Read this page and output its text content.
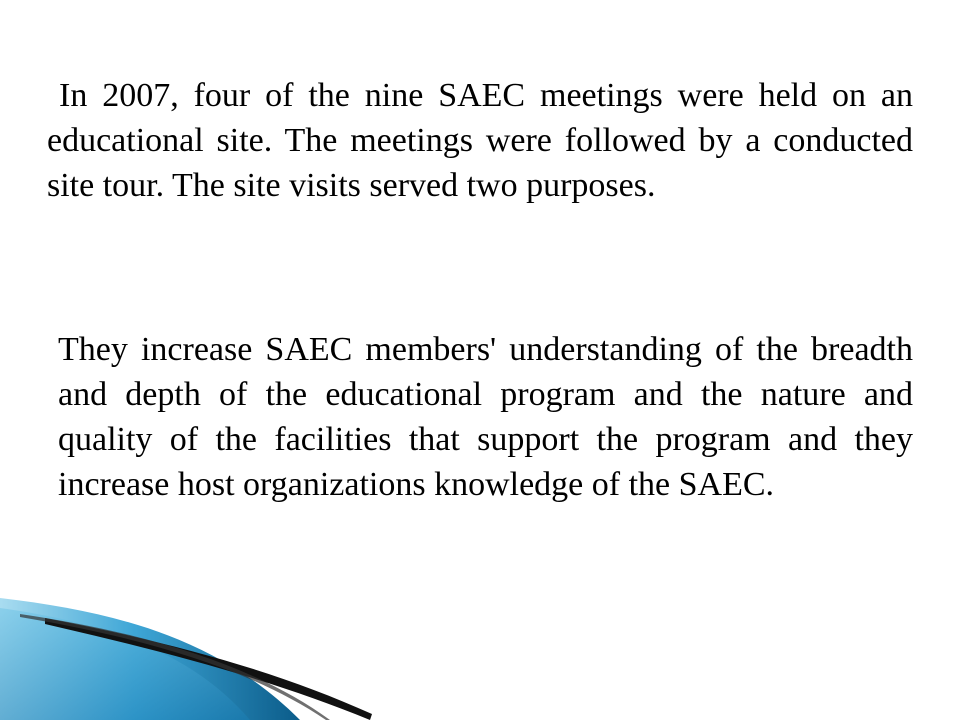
In 2007, four of the nine SAEC meetings were held on an educational site. The meetings were followed by a conducted site tour. The site visits served two purposes.

They increase SAEC members' understanding of the breadth and depth of the educational program and the nature and quality of the facilities that support the program and they increase host organizations knowledge of the SAEC.
